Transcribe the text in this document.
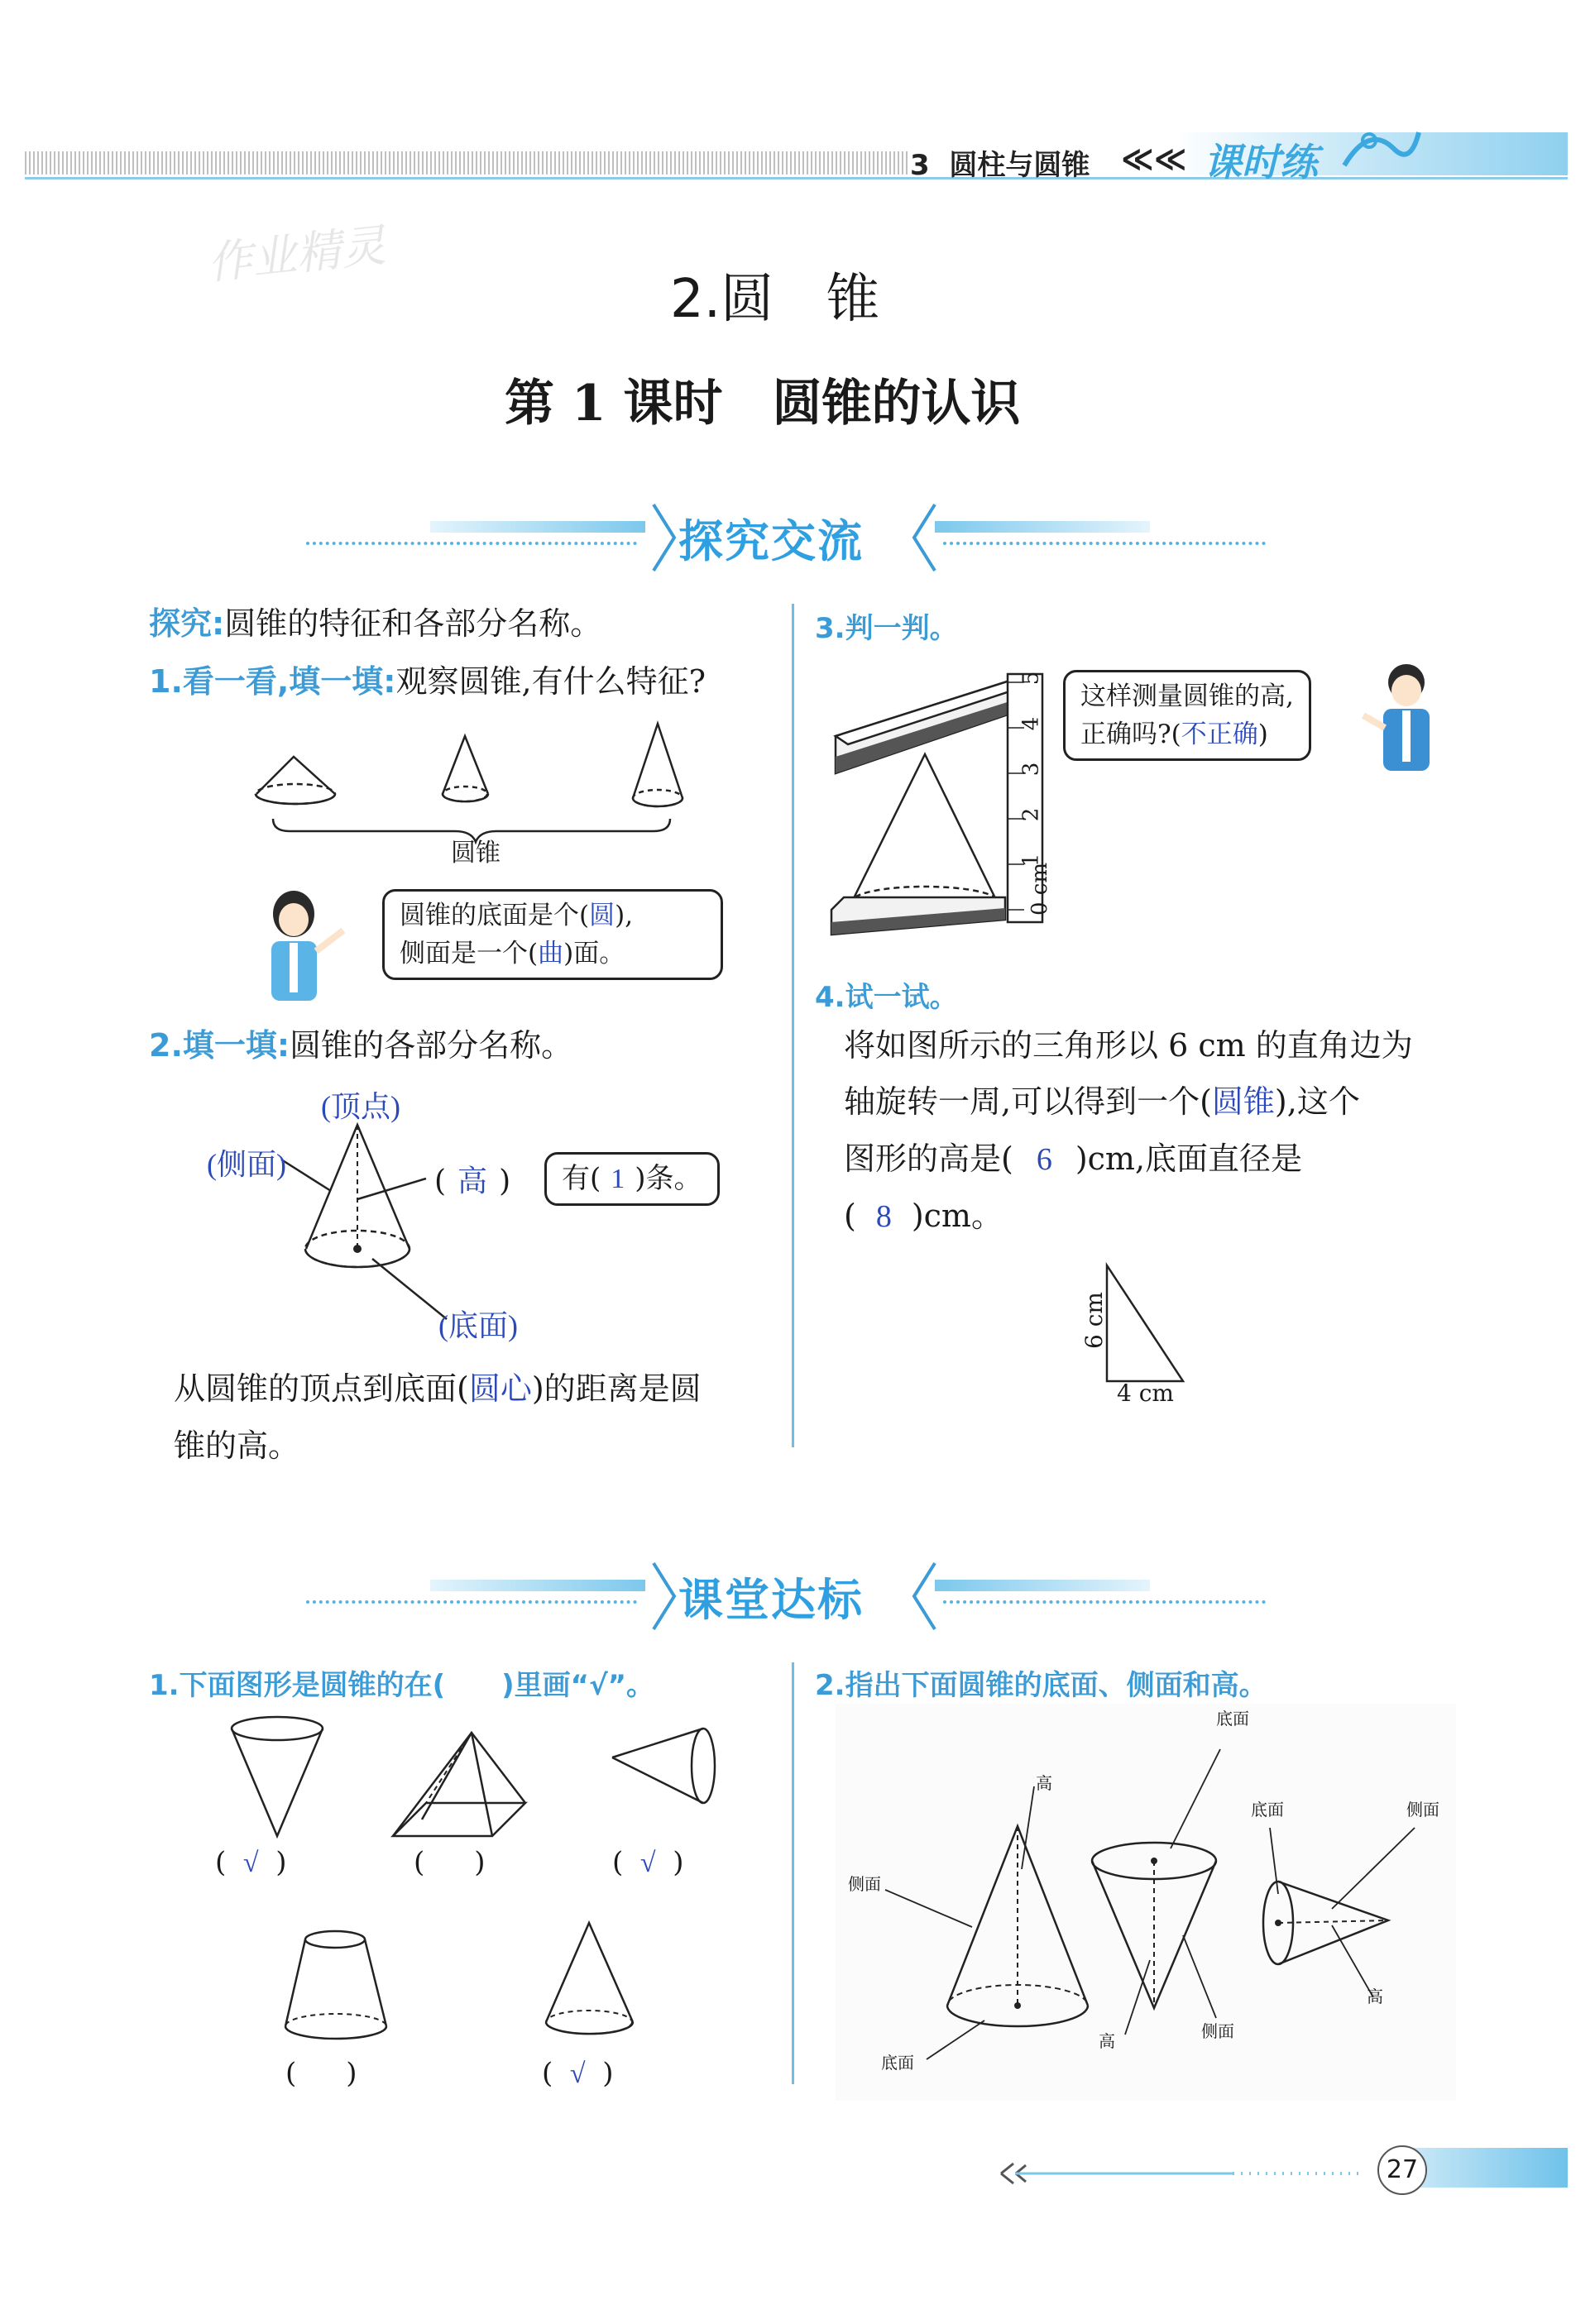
3  圆柱与圆锥 ≪≪ 课时练
作业精灵
2.圆　锥
第 1 课时　圆锥的认识
探究交流
探究:圆锥的特征和各部分名称。
1.看一看,填一填:观察圆锥,有什么特征?
圆锥
圆锥的底面是个(圆),
侧面是一个(曲)面。
2.填一填:圆锥的各部分名称。
(顶点)
(侧面)	( 高 )	有( 1 )条。
(底面)
从圆锥的顶点到底面(圆心)的距离是圆
锥的高。
3.判一判。
0 cm
1
2
3
4
5
这样测量圆锥的高,
正确吗?(不正确)
4.试一试。
将如图所示的三角形以 6 cm 的直角边为
轴旋转一周,可以得到一个(圆锥),这个
图形的高是( 6 )cm,底面直径是
( 8 )cm。
6 cm
4 cm
课堂达标
1.下面图形是圆锥的在(　　)里画“√”。
( √ )	( )	( √ )
( )	( √ )
2.指出下面圆锥的底面、侧面和高。
高
侧面
底面
底面
高	侧面
底面	侧面
高
27
